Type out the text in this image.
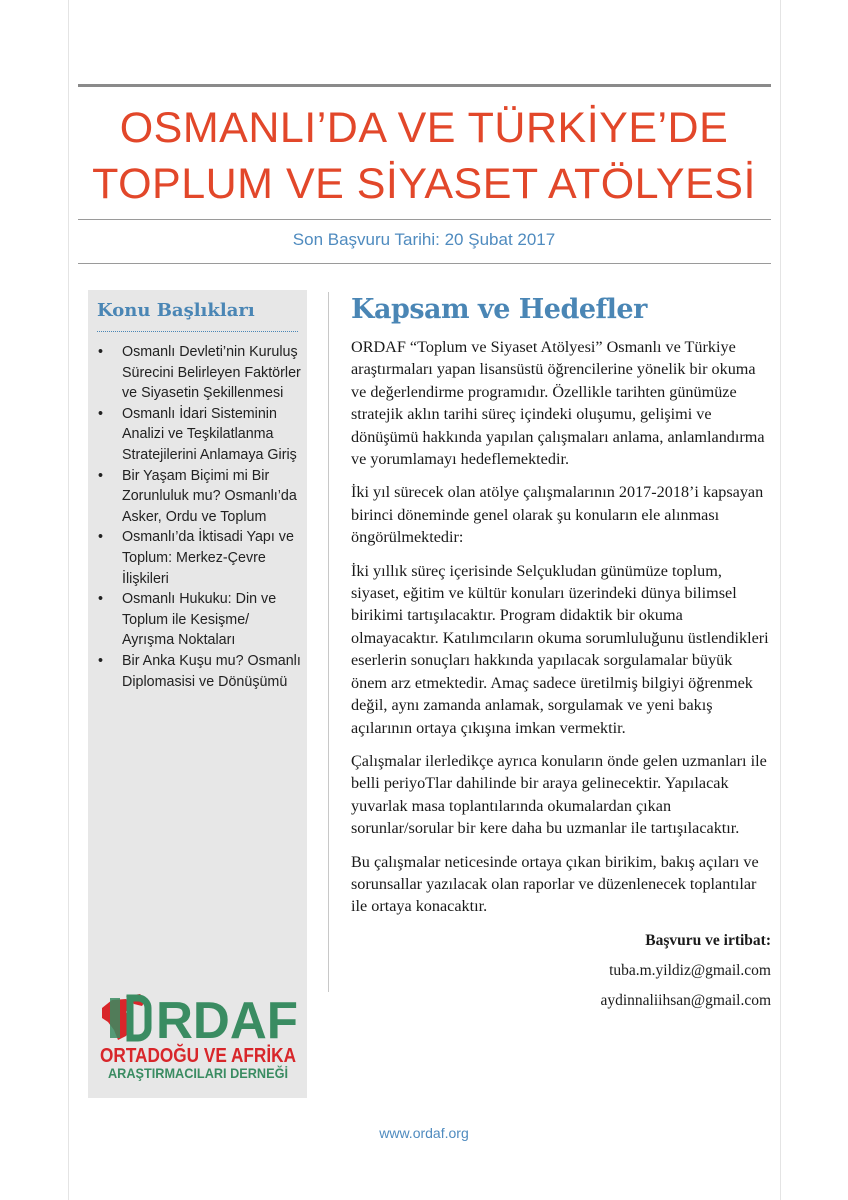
OSMANLI’DA VE TÜRKİYE’DE
TOPLUM VE SİYASET ATÖLYESİ
Son Başvuru Tarihi: 20 Şubat 2017
Konu Başlıkları
• Osmanlı Devleti’nin Kuruluş Sürecini Belirleyen Faktörler ve Siyasetin Şekillenmesi
• Osmanlı İdari Sisteminin Analizi ve Teşkilatlanma Stratejilerini Anlamaya Giriş
• Bir Yaşam Biçimi mi Bir Zorunluluk mu? Osmanlı’da Asker, Ordu ve Toplum
• Osmanlı’da İktisadi Yapı ve Toplum: Merkez-Çevre İlişkileri
• Osmanlı Hukuku: Din ve Toplum ile Kesişme/ Ayrışma Noktaları
• Bir Anka Kuşu mu? Osmanlı Diplomasisi ve Dönüşümü
RDAF
ORTADOĞU VE AFRİKA
ARAŞTIRMACILARI DERNEĞİ
Kapsam ve Hedefler

ORDAF “Toplum ve Siyaset Atölyesi” Osmanlı ve Türkiye araştırmaları yapan lisansüstü öğrencilerine yönelik bir okuma ve değerlendirme programıdır. Özellikle tarihten günümüze stratejik aklın tarihi süreç içindeki oluşumu, gelişimi ve dönüşümü hakkında yapılan çalışmaları anlama, anlamlandırma ve yorumlamayı hedeflemektedir.

İki yıl sürecek olan atölye çalışmalarının 2017-2018’i kapsayan birinci döneminde genel olarak şu konuların ele alınması öngörülmektedir:

İki yıllık süreç içerisinde Selçukludan günümüze toplum, siyaset, eğitim ve kültür konuları üzerindeki dünya bilimsel birikimi tartışılacaktır. Program didaktik bir okuma olmayacaktır. Katılımcıların okuma sorumluluğunu üstlendikleri eserlerin sonuçları hakkında yapılacak sorgulamalar büyük önem arz etmektedir. Amaç sadece üretilmiş bilgiyi öğrenmek değil, aynı zamanda anlamak, sorgulamak ve yeni bakış açılarının ortaya çıkışına imkan vermektir.

Çalışmalar ilerledikçe ayrıca konuların önde gelen uzmanları ile belli periyoTlar dahilinde bir araya gelinecektir. Yapılacak yuvarlak masa toplantılarında okumalardan çıkan sorunlar/sorular bir kere daha bu uzmanlar ile tartışılacaktır.

Bu çalışmalar neticesinde ortaya çıkan birikim, bakış açıları ve sorunsallar yazılacak olan raporlar ve düzenlenecek toplantılar ile ortaya konacaktır.

Başvuru ve irtibat:
tuba.m.yildiz@gmail.com
aydinnaliihsan@gmail.com
www.ordaf.org
